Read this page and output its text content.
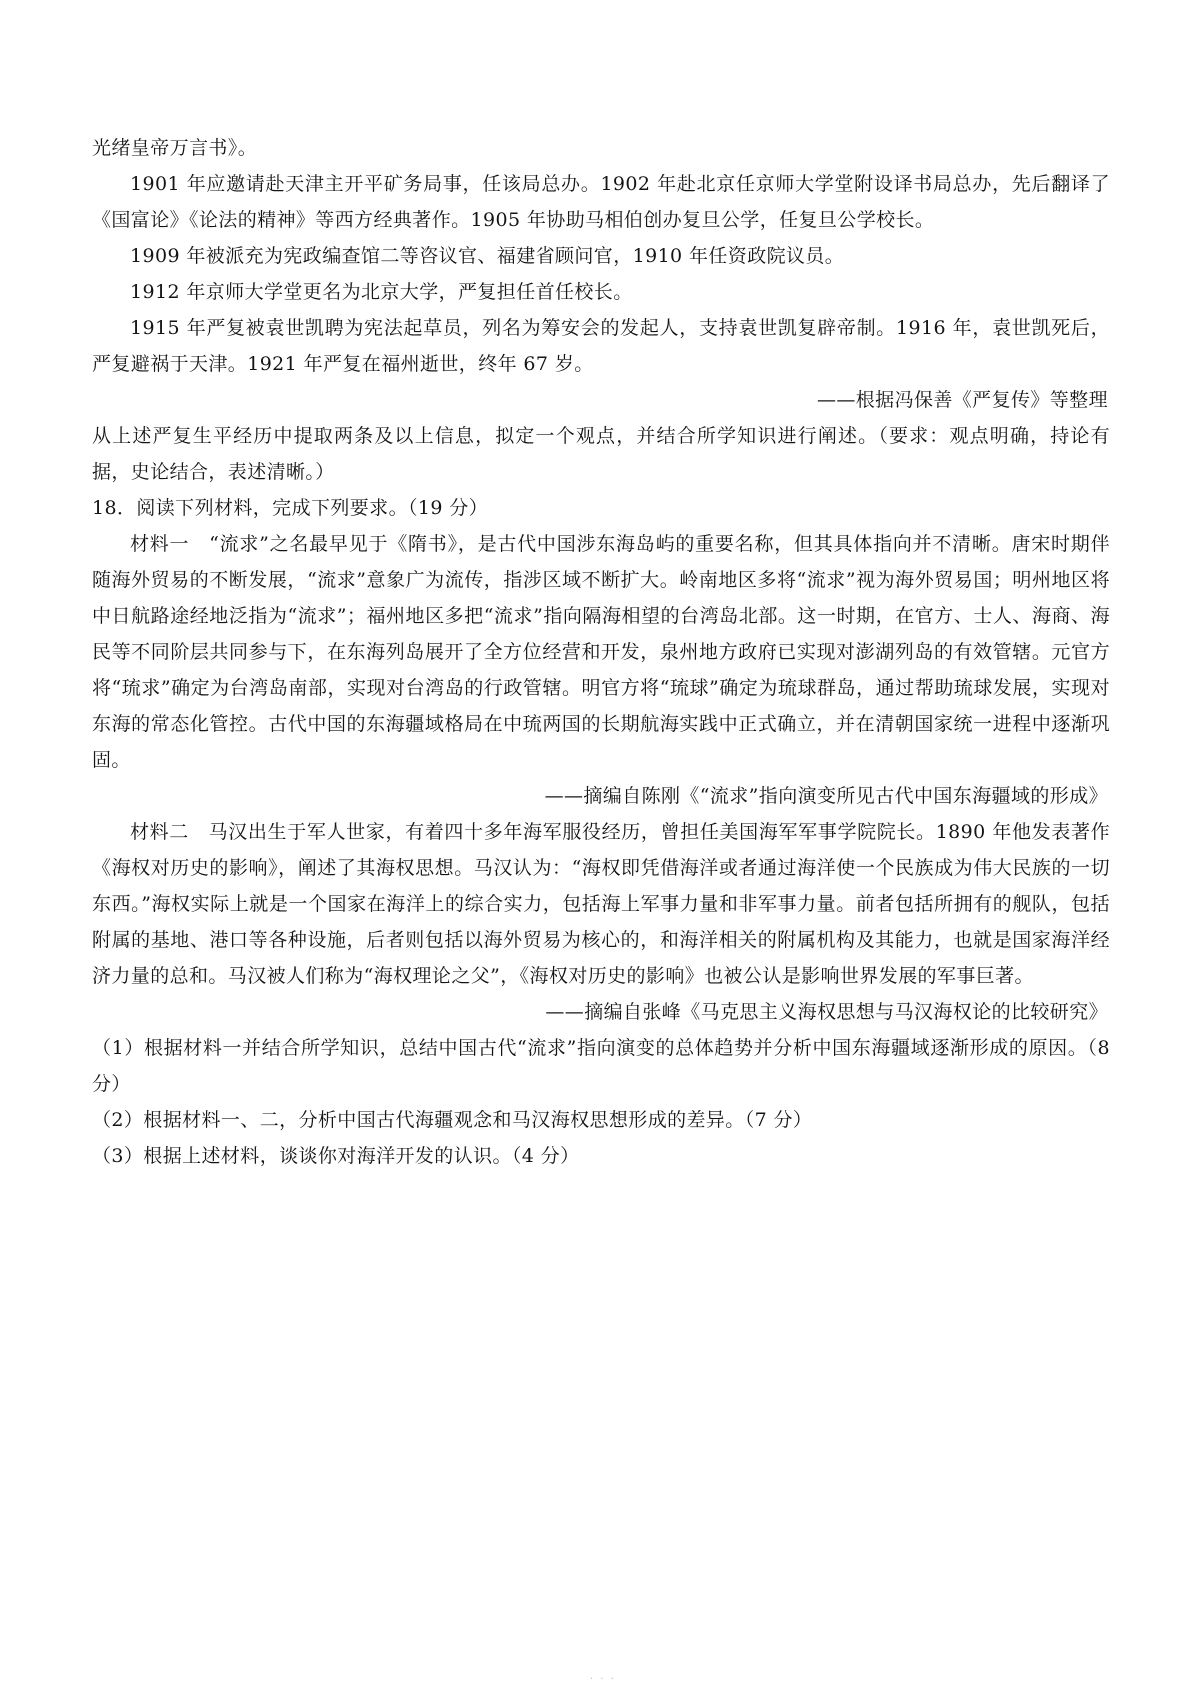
光绪皇帝万言书》。

1901 年应邀请赴天津主开平矿务局事，任该局总办。1902 年赴北京任京师大学堂附设译书局总办，先后翻译了《国富论》《论法的精神》等西方经典著作。1905 年协助马相伯创办复旦公学，任复旦公学校长。

1909 年被派充为宪政编查馆二等咨议官、福建省顾问官，1910 年任资政院议员。

1912 年京师大学堂更名为北京大学，严复担任首任校长。

1915 年严复被袁世凯聘为宪法起草员，列名为筹安会的发起人，支持袁世凯复辟帝制。1916 年，袁世凯死后，严复避祸于天津。1921 年严复在福州逝世，终年 67 岁。

——根据冯保善《严复传》等整理

从上述严复生平经历中提取两条及以上信息，拟定一个观点，并结合所学知识进行阐述。（要求：观点明确，持论有据，史论结合，表述清晰。）

18．阅读下列材料，完成下列要求。（19 分）

材料一　“流求”之名最早见于《隋书》，是古代中国涉东海岛屿的重要名称，但其具体指向并不清晰。唐宋时期伴随海外贸易的不断发展，“流求”意象广为流传，指涉区域不断扩大。岭南地区多将“流求”视为海外贸易国；明州地区将中日航路途经地泛指为“流求”；福州地区多把“流求”指向隔海相望的台湾岛北部。这一时期，在官方、士人、海商、海民等不同阶层共同参与下，在东海列岛展开了全方位经营和开发，泉州地方政府已实现对澎湖列岛的有效管辖。元官方将“琉求”确定为台湾岛南部，实现对台湾岛的行政管辖。明官方将“琉球”确定为琉球群岛，通过帮助琉球发展，实现对东海的常态化管控。古代中国的东海疆域格局在中琉两国的长期航海实践中正式确立，并在清朝国家统一进程中逐渐巩固。

——摘编自陈刚《“流求”指向演变所见古代中国东海疆域的形成》

材料二　马汉出生于军人世家，有着四十多年海军服役经历，曾担任美国海军军事学院院长。1890 年他发表著作《海权对历史的影响》，阐述了其海权思想。马汉认为：“海权即凭借海洋或者通过海洋使一个民族成为伟大民族的一切东西。”海权实际上就是一个国家在海洋上的综合实力，包括海上军事力量和非军事力量。前者包括所拥有的舰队，包括附属的基地、港口等各种设施，后者则包括以海外贸易为核心的，和海洋相关的附属机构及其能力，也就是国家海洋经济力量的总和。马汉被人们称为“海权理论之父”，《海权对历史的影响》也被公认是影响世界发展的军事巨著。

——摘编自张峰《马克思主义海权思想与马汉海权论的比较研究》

（1）根据材料一并结合所学知识，总结中国古代“流求”指向演变的总体趋势并分析中国东海疆域逐渐形成的原因。（8 分）

（2）根据材料一、二，分析中国古代海疆观念和马汉海权思想形成的差异。（7 分）

（3）根据上述材料，谈谈你对海洋开发的认识。（4 分）

· · ·
